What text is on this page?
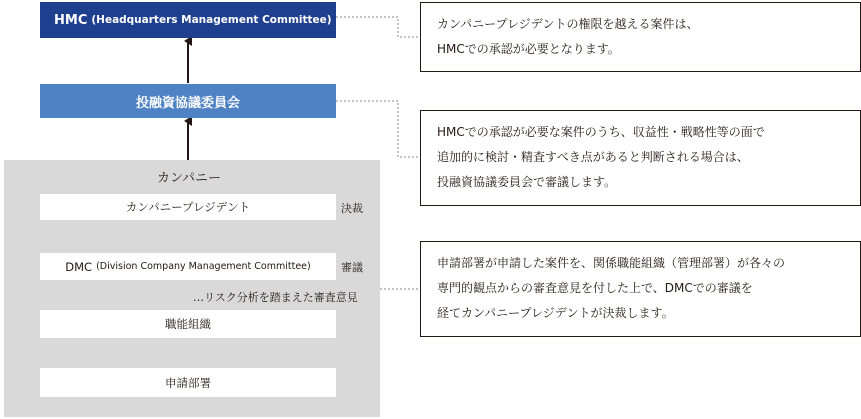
HMC (Headquarters Management Committee)
投融資協議委員会
カンパニー
カンパニープレジデント	決裁
DMC (Division Company Management Committee)	審議
…リスク分析を踏まえた審査意見
職能組織
申請部署
カンパニープレジデントの権限を越える案件は、
HMCでの承認が必要となります。
HMCでの承認が必要な案件のうち、収益性・戦略性等の面で
追加的に検討・精査すべき点があると判断される場合は、
投融資協議委員会で審議します。
申請部署が申請した案件を、関係職能組織（管理部署）が各々の
専門的観点からの審査意見を付した上で、DMCでの審議を
経てカンパニープレジデントが決裁します。
